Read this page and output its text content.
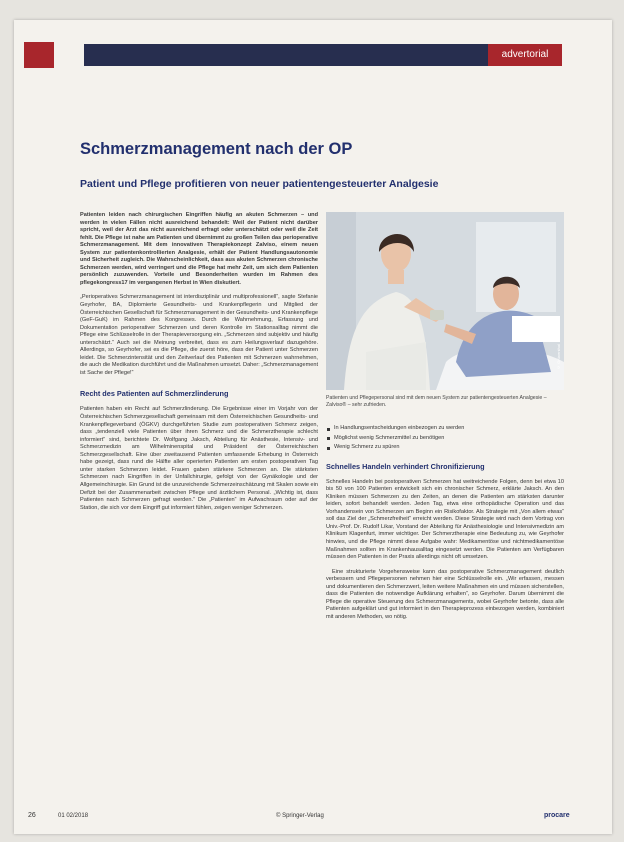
advertorial
Schmerzmanagement nach der OP
Patient und Pflege profitieren von neuer patientengesteuerter Analgesie

Patienten leiden nach chirurgischen Eingriffen häufig an akuten Schmerzen – und werden in vielen Fällen nicht ausreichend behandelt: Weil der Patient nicht darüber spricht, weil der Arzt das nicht ausreichend erfragt oder unterschätzt oder weil die Zeit fehlt. Die Pflege ist nahe am Patienten und übernimmt zu großen Teilen das perioperative Schmerzmanagement. Mit dem innovativen Therapiekonzept Zalviso, einem neuen System zur patientenkontrollierten Analgesie, erhält der Patient Handlungsautonomie und Sicherheit zugleich. Die Wahrscheinlichkeit, dass aus akuten Schmerzen chronische Schmerzen werden, wird verringert und die Pflege hat mehr Zeit, um sich dem Patienten persönlich zuzuwenden. Vorteile und Besonderheiten wurden im Rahmen des pflegekongress17 im vergangenen Herbst in Wien diskutiert.

„Perioperatives Schmerzmanagement ist interdisziplinär und multiprofessionell“, sagte Stefanie Geyrhofer, BA, Diplomierte Gesundheits- und Krankenpflegerin und Mitglied der Österreichischen Gesellschaft für Schmerzmanagement in der Gesundheits- und Krankenpflege (GeF-GuK) im Rahmen des Kongresses. Durch die Wahrnehmung, Erfassung und Dokumentation perioperativer Schmerzen und deren Kontrolle im Stationsalltag nimmt die Pflege eine Schlüsselrolle in der Therapieversorgung ein. „Schmerzen sind subjektiv und häufig unterschätzt.“ Auch sei die Meinung verbreitet, dass es zum Heilungsverlauf dazugehöre. Allerdings, so Geyrhofer, sei es die Pflege, die zuerst höre, dass der Patient unter Schmerzen leidet. Die Schmerzintensität und den Zeitverlauf des Patienten mit Schmerzen wahrnehmen, die auch die Medikation durchführt und die Maßnahmen umsetzt. Daher: „Schmerzmanagement ist Sache der Pflege!“

Recht des Patienten auf Schmerzlinderung

Patienten haben ein Recht auf Schmerzlinderung. Die Ergebnisse einer im Vorjahr von der Österreichischen Schmerzgesellschaft gemeinsam mit dem Österreichischen Gesundheits- und Krankenpflegeverband (ÖGKV) durchgeführten Studie zum postoperativen Schmerz zeigen, dass „tendenziell viele Patienten über ihren Schmerz und die Schmerztherapie schlecht informiert“ sind, berichtete Dr. Wolfgang Jaksch, Abteilung für Anästhesie, Intensiv- und Schmerzmedizin am Wilhelminenspital und Präsident der Österreichischen Schmerzgesellschaft. Eine über zweitausend Patienten umfassende Erhebung in Österreich habe gezeigt, dass rund die Hälfte aller operierten Patienten am ersten postoperativen Tag unter starken Schmerzen leidet. Frauen gaben stärkere Schmerzen an. Die stärksten Schmerzen nach Eingriffen in der Unfallchirurgie, gefolgt von der Gynäkologie und der Allgemeinchirurgie. Ein Grund ist die unzureichende Schmerzeinschätzung mit Skalen sowie ein Defizit bei der Zusammenarbeit zwischen Pflege und ärztlichem Personal. „Wichtig ist, dass Patienten nach Schmerzen gefragt werden.“ Die „Patienten“ im Aufwachraum oder auf der Station, die sich vor dem Eingriff gut informiert fühlen, zeigen weniger Schmerzen.

© Grünenthal
Patienten und Pflegepersonal sind mit dem neuen System zur patientengesteuerten Analgesie – Zalviso® – sehr zufrieden.
In Handlungsentscheidungen einbezogen zu werden
Möglichst wenig Schmerzmittel zu benötigen
Wenig Schmerz zu spüren
Schnelles Handeln verhindert Chronifizierung

Schnelles Handeln bei postoperativen Schmerzen hat weitreichende Folgen, denn bei etwa 10 bis 50 von 100 Patienten entwickelt sich ein chronischer Schmerz, erklärte Jaksch. An den Kliniken müssen Schmerzen zu den Zeiten, an denen die Patienten am stärksten darunter leiden, sofort behandelt werden. Jeden Tag, etwa eine orthopädische Operation und das Vorhandensein von Schmerzen am Beginn ein Risikofaktor. Als Strategie mit „Von allem etwas“ soll das Ziel der „Schmerzfreiheit“ erreicht werden. Diese Strategie wird nach dem Vortrag von Univ.-Prof. Dr. Rudolf Likar, Vorstand der Abteilung für Anästhesiologie und Intensivmedizin am Klinikum Klagenfurt, immer wichtiger. Der Schmerztherapie eine Bedeutung zu, wie Geyrhofer hinwies, und die Pflege nimmt diese Aufgabe wahr: Medikamentöse und nichtmedikamentöse Maßnahmen sollten im Krankenhausalltag eingesetzt werden. Die Patienten am Verfügbaren müssen den Patienten in der Praxis allerdings nicht oft umsetzen.

Eine strukturierte Vorgehensweise kann das postoperative Schmerzmanagement deutlich verbessern und Pflegepersonen nehmen hier eine Schlüsselrolle ein. „Wir erfassen, messen und dokumentieren den Schmerzwert, leiten weitere Maßnahmen ein und müssen sicherstellen, dass die Patienten die notwendige Aufklärung erhalten“, so Geyrhofer. Darum übernimmt die Pflege die operative Steuerung des Schmerzmanagements, wobei Geyrhofer betonte, dass alle Patienten aufgeklärt und gut informiert in den Therapieprozess einbezogen werden, kombiniert mit anderen Methoden, wo nötig.

26	01 02/2018	© Springer-Verlag	procare
